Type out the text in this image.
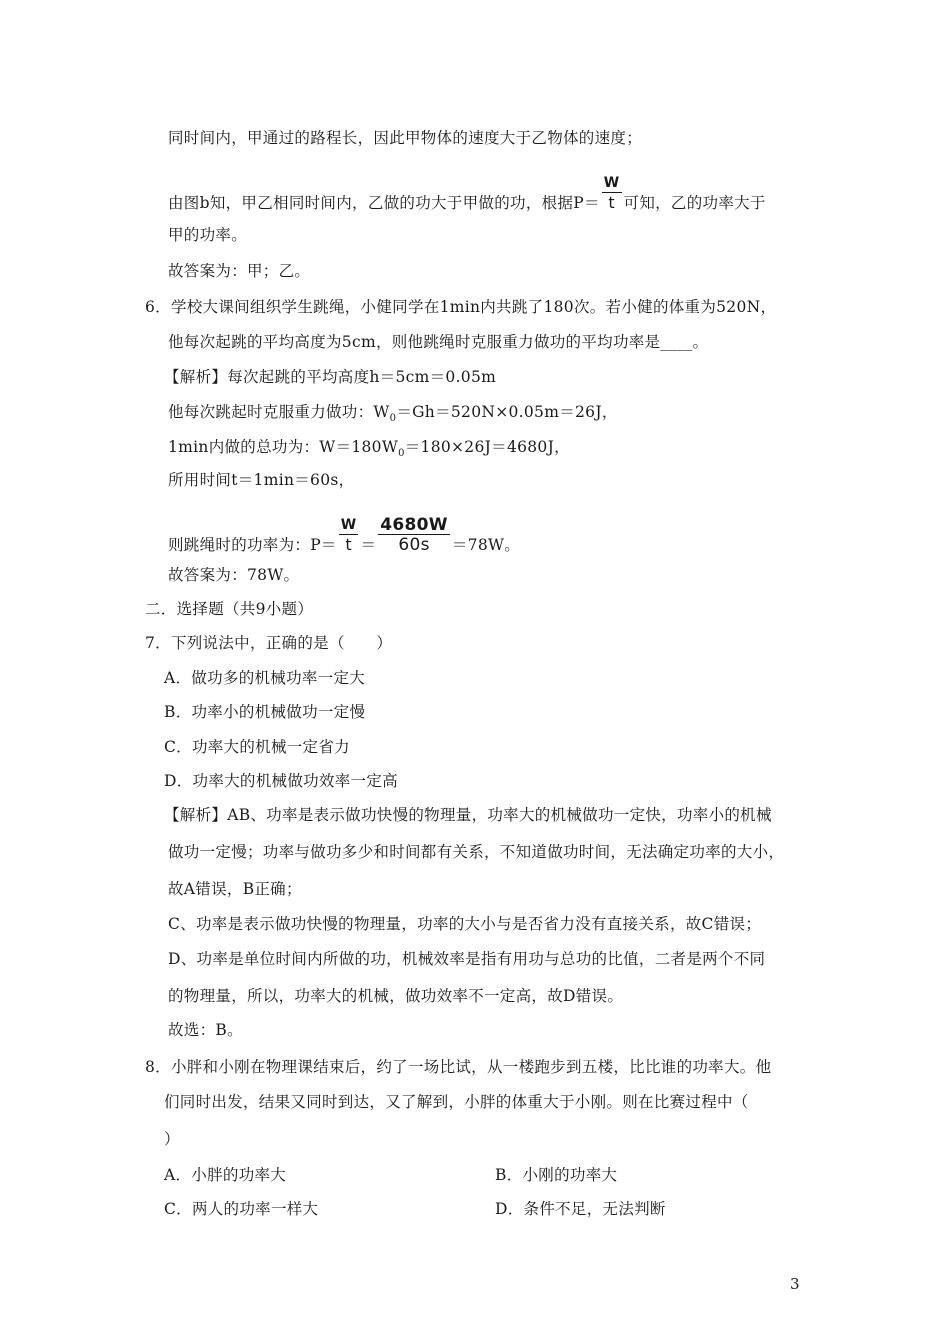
同时间内，甲通过的路程长，因此甲物体的速度大于乙物体的速度；
由图b知，甲乙相同时间内，乙做的功大于甲做的功，根据$P= \frac{W}{t}$ 可知，乙的功率大于
甲的功率。
故答案为：甲；乙。
6．学校大课间组织学生跳绳，小健同学在1min内共跳了180次。若小健的体重为520N，
他每次起跳的平均高度为5cm，则他跳绳时克服重力做功的平均功率是____。
【解析】每次起跳的平均高度h＝5cm＝0.05m
他每次跳起时克服重力做功：$W_0=Gh=520N\times 0.05m=26J$，
1min内做的总功为：$W=180W_0=180\times 26J=4680J$，
所用时间t＝1min＝60s，
则跳绳时的功率为：$P= \frac{W}{t} = \frac{4680W}{60s} =78W$。
故答案为：78W。
二．选择题（共9小题）
7．下列说法中，正确的是（　　）
A．做功多的机械功率一定大
B．功率小的机械做功一定慢
C．功率大的机械一定省力
D．功率大的机械做功效率一定高
【解析】AB、功率是表示做功快慢的物理量，功率大的机械做功一定快，功率小的机械
做功一定慢；功率与做功多少和时间都有关系，不知道做功时间，无法确定功率的大小，
故A错误，B正确；
C、功率是表示做功快慢的物理量，功率的大小与是否省力没有直接关系，故C错误；
D、功率是单位时间内所做的功，机械效率是指有用功与总功的比值，二者是两个不同
的物理量，所以，功率大的机械，做功效率不一定高，故D错误。
故选：B。
8．小胖和小刚在物理课结束后，约了一场比试，从一楼跑步到五楼，比比谁的功率大。他
们同时出发，结果又同时到达，又了解到，小胖的体重大于小刚。则在比赛过程中（
）
A．小胖的功率大	B．小刚的功率大
C．两人的功率一样大	D．条件不足，无法判断
3
